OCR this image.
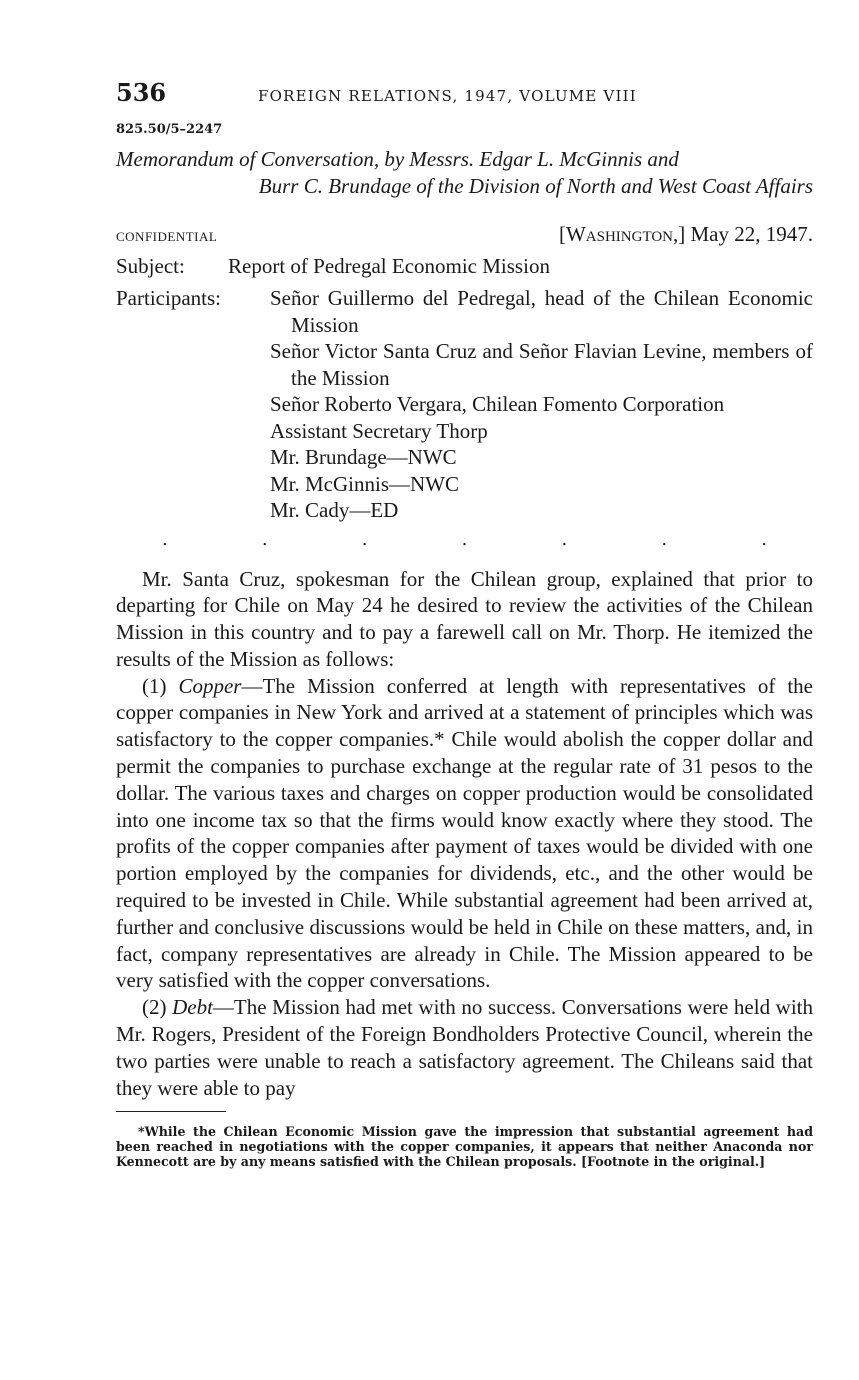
536	FOREIGN RELATIONS, 1947, VOLUME VIII
825.50/5–2247
Memorandum of Conversation, by Messrs. Edgar L. McGinnis and
Burr C. Brundage of the Division of North and West Coast Affairs
CONFIDENTIAL	[Washington,] May 22, 1947.
Subject:	Report of Pedregal Economic Mission
Participants:	Señor Guillermo del Pedregal, head of the Chilean Economic Mission
Señor Victor Santa Cruz and Señor Flavian Levine, members of the Mission
Señor Roberto Vergara, Chilean Fomento Corporation
Assistant Secretary Thorp
Mr. Brundage—NWC
Mr. McGinnis—NWC
Mr. Cady—ED
.	.	.	.	.	.	.

Mr. Santa Cruz, spokesman for the Chilean group, explained that prior to departing for Chile on May 24 he desired to review the activities of the Chilean Mission in this country and to pay a farewell call on Mr. Thorp. He itemized the results of the Mission as follows:

(1) Copper—The Mission conferred at length with representatives of the copper companies in New York and arrived at a statement of principles which was satisfactory to the copper companies.* Chile would abolish the copper dollar and permit the companies to purchase exchange at the regular rate of 31 pesos to the dollar. The various taxes and charges on copper production would be consolidated into one income tax so that the firms would know exactly where they stood. The profits of the copper companies after payment of taxes would be divided with one portion employed by the companies for dividends, etc., and the other would be required to be invested in Chile. While substantial agreement had been arrived at, further and conclusive discussions would be held in Chile on these matters, and, in fact, company representatives are already in Chile. The Mission appeared to be very satisfied with the copper conversations.

(2) Debt—The Mission had met with no success. Conversations were held with Mr. Rogers, President of the Foreign Bondholders Protective Council, wherein the two parties were unable to reach a satisfactory agreement. The Chileans said that they were able to pay

*While the Chilean Economic Mission gave the impression that substantial agreement had been reached in negotiations with the copper companies, it appears that neither Anaconda nor Kennecott are by any means satisfied with the Chilean proposals. [Footnote in the original.]
